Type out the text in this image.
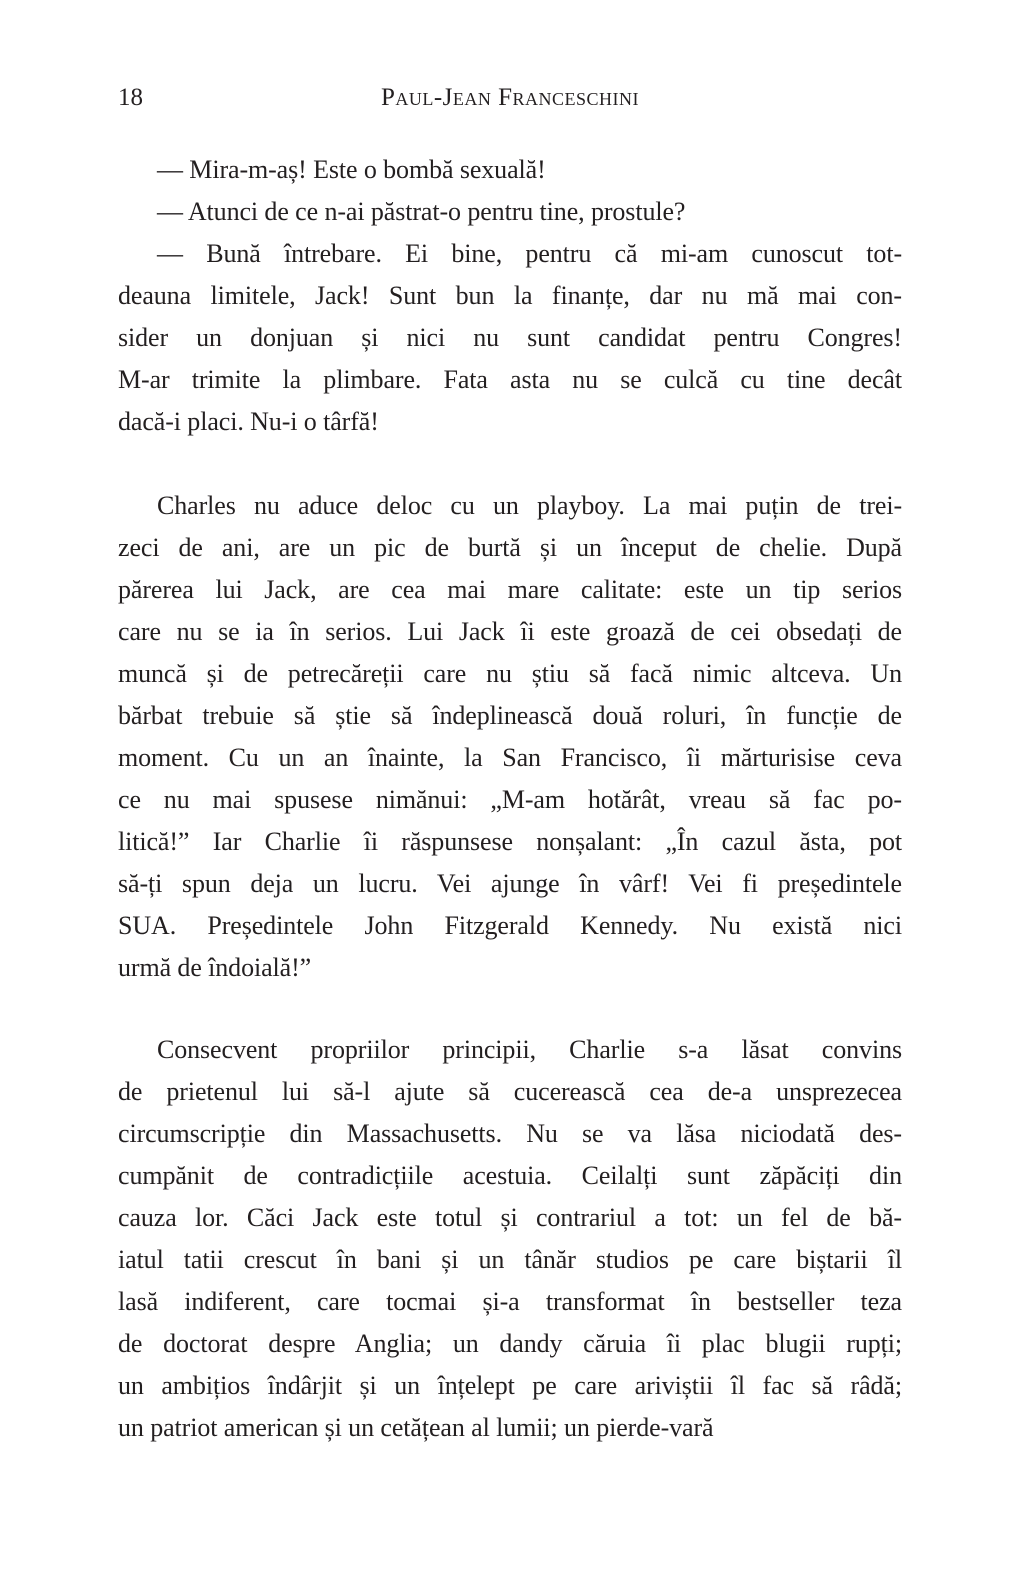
18	Paul-Jean Franceschini
— Mira-m-aș! Este o bombă sexuală!
— Atunci de ce n-ai păstrat-o pentru tine, prostule?
— Bună întrebare. Ei bine, pentru că mi-am cunoscut tot-
deauna limitele, Jack! Sunt bun la finanțe, dar nu mă mai con-
sider un donjuan și nici nu sunt candidat pentru Congres!
M-ar trimite la plimbare. Fata asta nu se culcă cu tine decât
dacă-i placi. Nu-i o târfă!
Charles nu aduce deloc cu un playboy. La mai puțin de trei-
zeci de ani, are un pic de burtă și un început de chelie. După
părerea lui Jack, are cea mai mare calitate: este un tip serios
care nu se ia în serios. Lui Jack îi este groază de cei obsedați de
muncă și de petrecăreții care nu știu să facă nimic altceva. Un
bărbat trebuie să știe să îndeplinească două roluri, în funcție de
moment. Cu un an înainte, la San Francisco, îi mărturisise ceva
ce nu mai spusese nimănui: „M-am hotărât, vreau să fac po-
litică!” Iar Charlie îi răspunsese nonșalant: „În cazul ăsta, pot
să-ți spun deja un lucru. Vei ajunge în vârf! Vei fi președintele
SUA. Președintele John Fitzgerald Kennedy. Nu există nici
urmă de îndoială!”
Consecvent propriilor principii, Charlie s-a lăsat convins
de prietenul lui să-l ajute să cucerească cea de-a unsprezecea
circumscripție din Massachusetts. Nu se va lăsa niciodată des-
cumpănit de contradicțiile acestuia. Ceilalți sunt zăpăciți din
cauza lor. Căci Jack este totul și contrariul a tot: un fel de bă-
iatul tatii crescut în bani și un tânăr studios pe care biștarii îl
lasă indiferent, care tocmai și-a transformat în bestseller teza
de doctorat despre Anglia; un dandy căruia îi plac blugii rupți;
un ambițios îndârjit și un înțelept pe care ariviștii îl fac să râdă;
un patriot american și un cetățean al lumii; un pierde-vară
